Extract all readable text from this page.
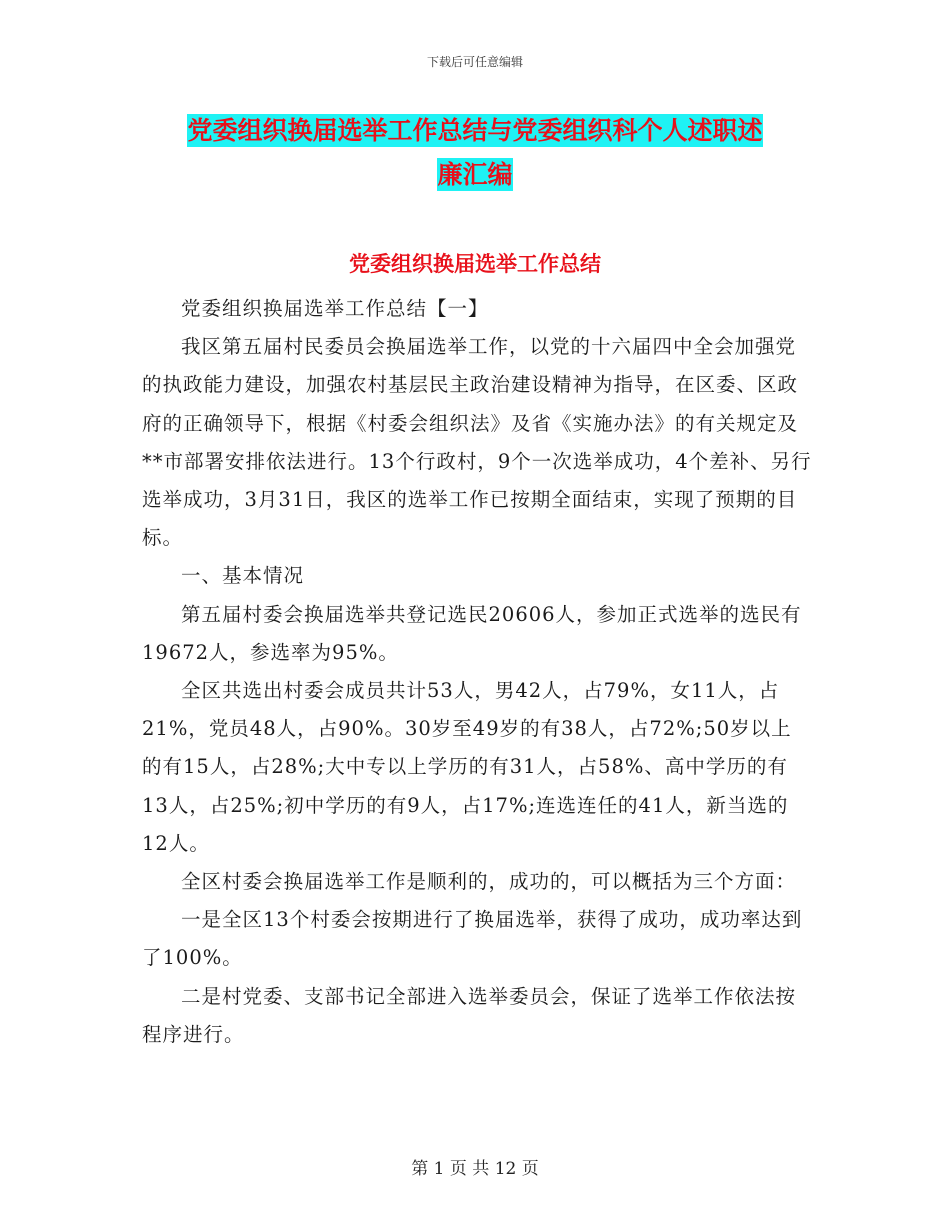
下载后可任意编辑
党委组织换届选举工作总结与党委组织科个人述职述
廉汇编
党委组织换届选举工作总结

党委组织换届选举工作总结【一】

我区第五届村民委员会换届选举工作，以党的十六届四中全会加强党的执政能力建设，加强农村基层民主政治建设精神为指导，在区委、区政府的正确领导下，根据《村委会组织法》及省《实施办法》的有关规定及**市部署安排依法进行。13个行政村，9个一次选举成功，4个差补、另行选举成功，3月31日，我区的选举工作已按期全面结束，实现了预期的目标。

一、基本情况

第五届村委会换届选举共登记选民20606人，参加正式选举的选民有19672人，参选率为95%。

全区共选出村委会成员共计53人，男42人，占79%，女11人，占21%，党员48人，占90%。30岁至49岁的有38人，占72%;50岁以上的有15人，占28%;大中专以上学历的有31人，占58%、高中学历的有13人，占25%;初中学历的有9人，占17%;连选连任的41人，新当选的12人。

全区村委会换届选举工作是顺利的，成功的，可以概括为三个方面：

一是全区13个村委会按期进行了换届选举，获得了成功，成功率达到了100%。

二是村党委、支部书记全部进入选举委员会，保证了选举工作依法按程序进行。

第 1 页 共 12 页
